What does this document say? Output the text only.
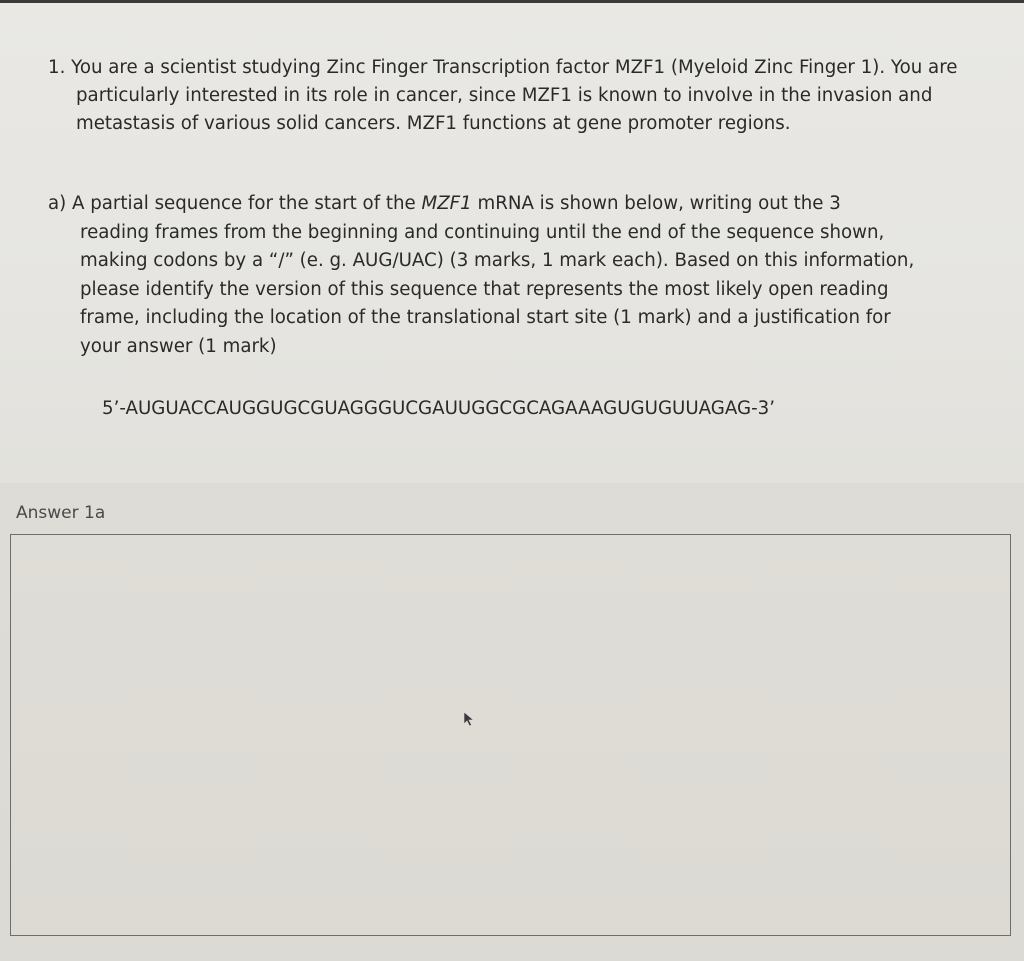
1. You are a scientist studying Zinc Finger Transcription factor MZF1 (Myeloid Zinc Finger 1). You are
particularly interested in its role in cancer, since MZF1 is known to involve in the invasion and
metastasis of various solid cancers. MZF1 functions at gene promoter regions.
a) A partial sequence for the start of the MZF1 mRNA is shown below, writing out the 3
reading frames from the beginning and continuing until the end of the sequence shown,
making codons by a “/” (e. g. AUG/UAC) (3 marks, 1 mark each). Based on this information,
please identify the version of this sequence that represents the most likely open reading
frame, including the location of the translational start site (1 mark) and a justification for
your answer (1 mark)
5’-AUGUACCAUGGUGCGUAGGGUCGAUUGGCGCAGAAAGUGUGUUAGAG-3’
Answer 1a
